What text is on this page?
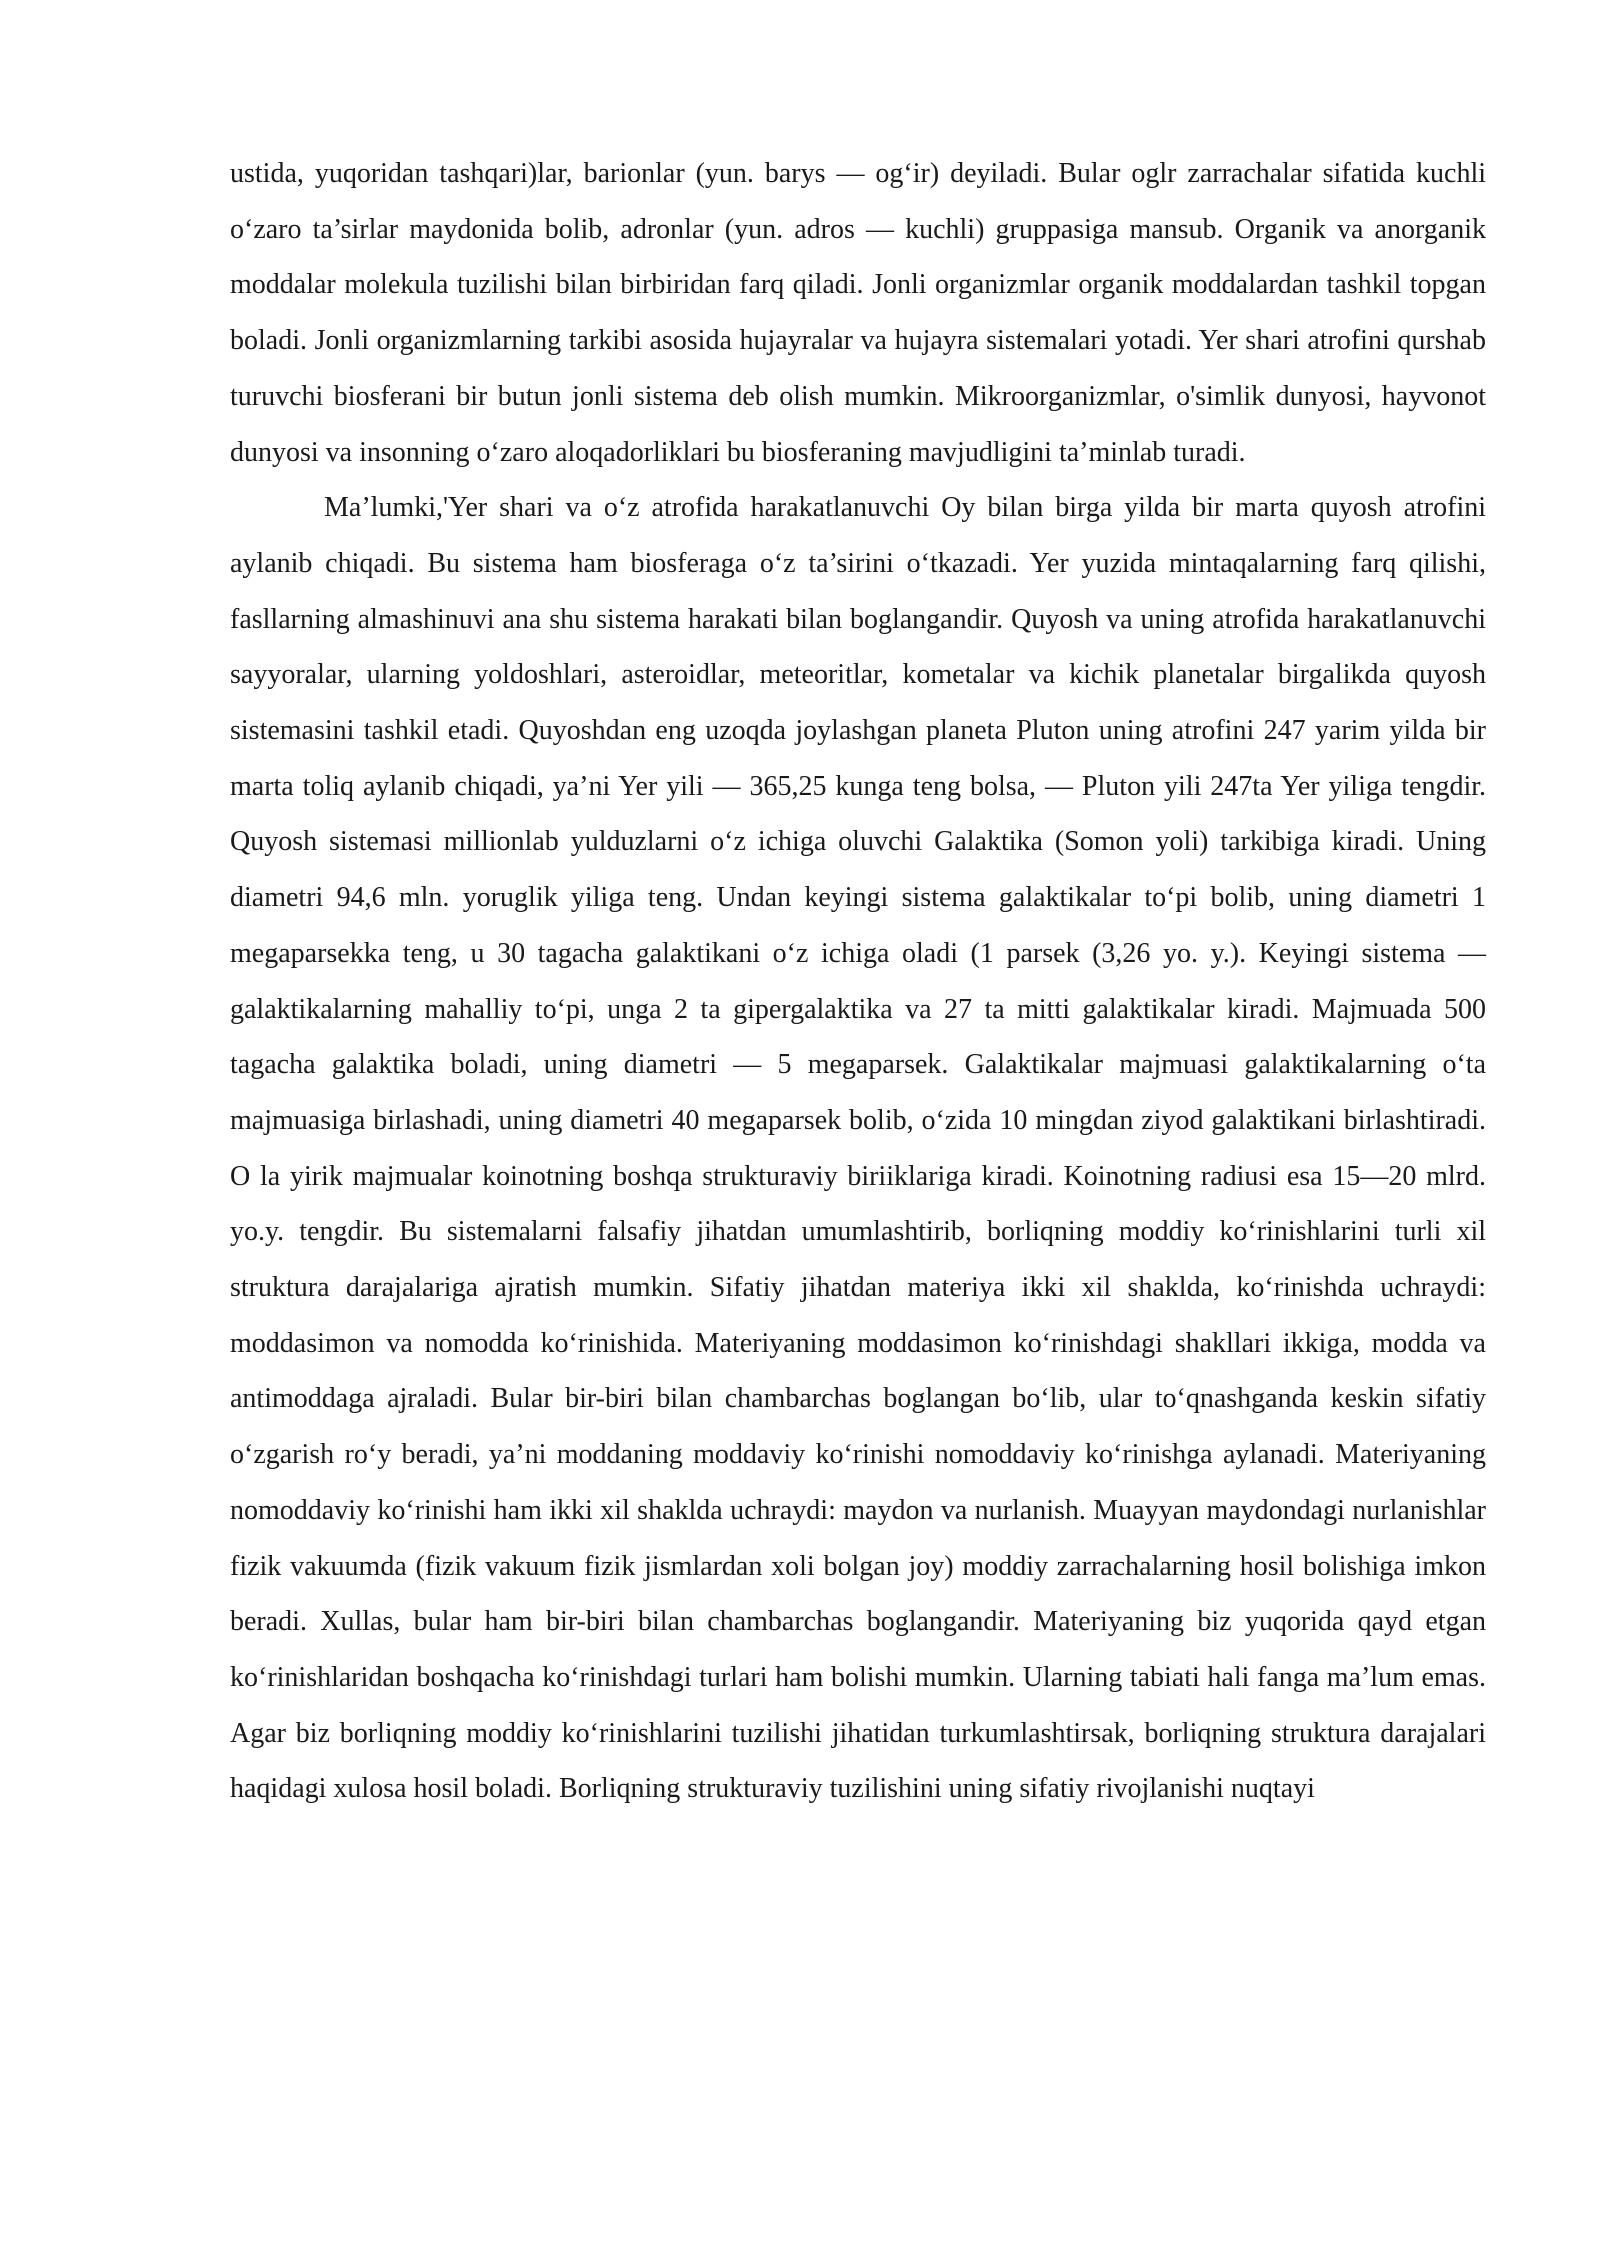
ustida, yuqoridan tashqari)lar, barionlar (yun. barys — og‘ir) deyiladi. Bular oglr zarrachalar sifatida kuchli o‘zaro ta’sirlar maydonida bolib, adronlar (yun. adros — kuchli) gruppasiga mansub. Organik va anorganik moddalar molekula tuzilishi bilan birbiridan farq qiladi. Jonli organizmlar organik moddalardan tashkil topgan boladi. Jonli organizmlarning tarkibi asosida hujayralar va hujayra sistemalari yotadi. Yer shari atrofini qurshab turuvchi biosferani bir butun jonli sistema deb olish mumkin. Mikroorganizmlar, o'simlik dunyosi, hayvonot dunyosi va insonning o‘zaro aloqadorliklari bu biosferaning mavjudligini ta’minlab turadi.

Ma’lumki,'Yer shari va o‘z atrofida harakatlanuvchi Oy bilan birga yilda bir marta quyosh atrofini aylanib chiqadi. Bu sistema ham biosferaga o‘z ta’sirini o‘tkazadi. Yer yuzida mintaqalarning farq qilishi, fasllarning almashinuvi ana shu sistema harakati bilan boglangandir. Quyosh va uning atrofida harakatlanuvchi sayyoralar, ularning yoldoshlari, asteroidlar, meteoritlar, kometalar va kichik planetalar birgalikda quyosh sistemasini tashkil etadi. Quyoshdan eng uzoqda joylashgan planeta Pluton uning atrofini 247 yarim yilda bir marta toliq aylanib chiqadi, ya’ni Yer yili — 365,25 kunga teng bolsa, — Pluton yili 247ta Yer yiliga tengdir. Quyosh sistemasi millionlab yulduzlarni o‘z ichiga oluvchi Galaktika (Somon yoli) tarkibiga kiradi. Uning diametri 94,6 mln. yoruglik yiliga teng. Undan keyingi sistema galaktikalar to‘pi bolib, uning diametri 1 megaparsekka teng, u 30 tagacha galaktikani o‘z ichiga oladi (1 parsek (3,26 yo. y.). Keyingi sistema — galaktikalarning mahalliy to‘pi, unga 2 ta gipergalaktika va 27 ta mitti galaktikalar kiradi. Majmuada 500 tagacha galaktika boladi, uning diametri — 5 megaparsek. Galaktikalar majmuasi galaktikalarning o‘ta majmuasiga birlashadi, uning diametri 40 megaparsek bolib, o‘zida 10 mingdan ziyod galaktikani birlashtiradi. O la yirik majmualar koinotning boshqa strukturaviy biriiklariga kiradi. Koinotning radiusi esa 15—20 mlrd. yo.y. tengdir. Bu sistemalarni falsafiy jihatdan umumlashtirib, borliqning moddiy ko‘rinishlarini turli xil struktura darajalariga ajratish mumkin. Sifatiy jihatdan materiya ikki xil shaklda, ko‘rinishda uchraydi: moddasimon va nomodda ko‘rinishida. Materiyaning moddasimon ko‘rinishdagi shakllari ikkiga, modda va antimoddaga ajraladi. Bular bir-biri bilan chambarchas boglangan bo‘lib, ular to‘qnashganda keskin sifatiy o‘zgarish ro‘y beradi, ya’ni moddaning moddaviy ko‘rinishi nomoddaviy ko‘rinishga aylanadi. Materiyaning nomoddaviy ko‘rinishi ham ikki xil shaklda uchraydi: maydon va nurlanish. Muayyan maydondagi nurlanishlar fizik vakuumda (fizik vakuum fizik jismlardan xoli bolgan joy) moddiy zarrachalarning hosil bolishiga imkon beradi. Xullas, bular ham bir-biri bilan chambarchas boglangandir. Materiyaning biz yuqorida qayd etgan ko‘rinishlaridan boshqacha ko‘rinishdagi turlari ham bolishi mumkin. Ularning tabiati hali fanga ma’lum emas. Agar biz borliqning moddiy ko‘rinishlarini tuzilishi jihatidan turkumlashtirsak, borliqning struktura darajalari haqidagi xulosa hosil boladi. Borliqning strukturaviy tuzilishini uning sifatiy rivojlanishi nuqtayi
